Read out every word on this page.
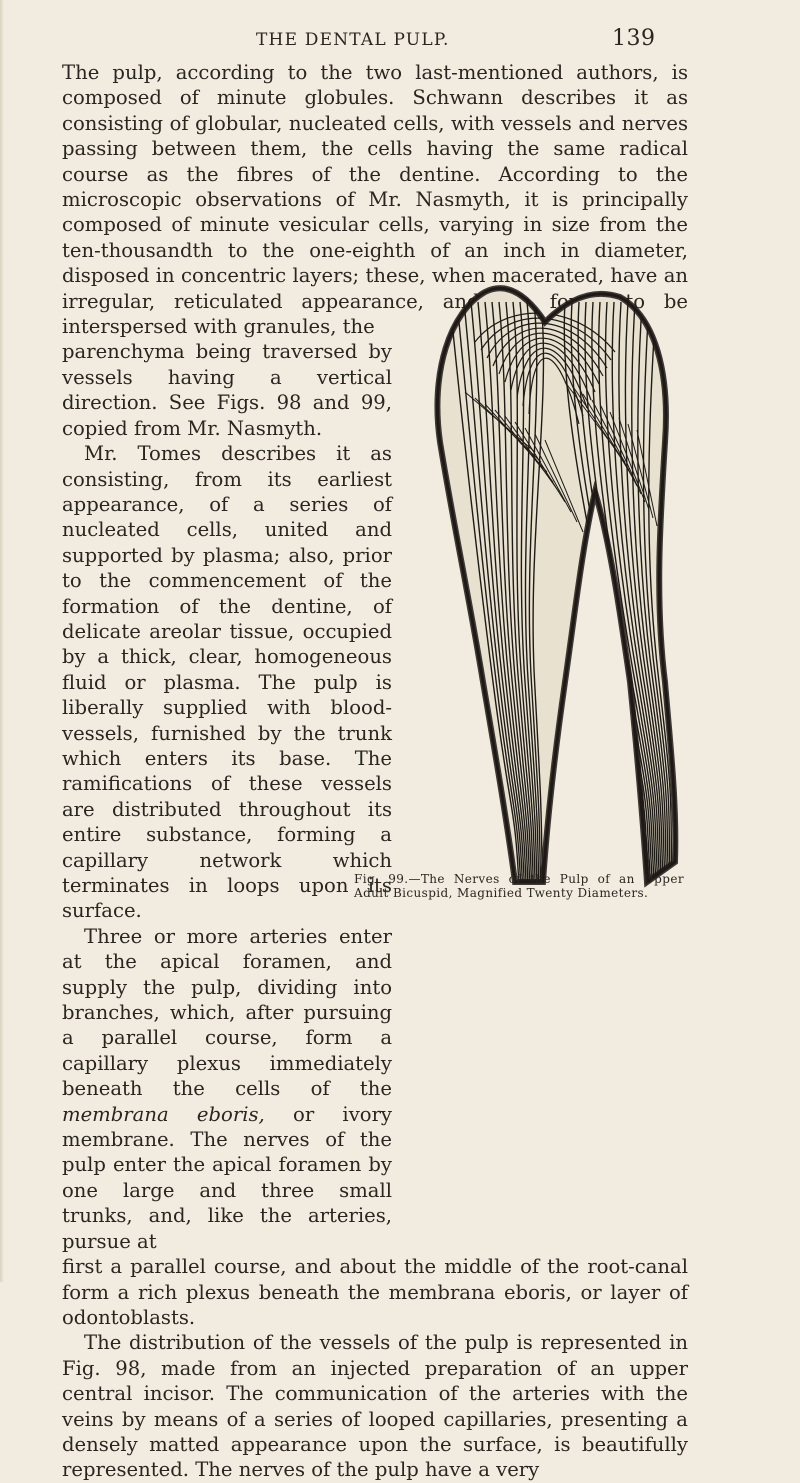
THE DENTAL PULP.	139

The pulp, according to the two last-mentioned authors, is composed of minute globules. Schwann describes it as consisting of globular, nucleated cells, with vessels and nerves passing between them, the cells having the same radical course as the fibres of the dentine. According to the microscopic observations of Mr. Nasmyth, it is principally composed of minute vesicular cells, varying in size from the ten-thousandth to the one-eighth of an inch in diameter, disposed in concentric layers; these, when macerated, have an irregular, reticulated appearance, and are found to be interspersed with granules, the

parenchyma being traversed by vessels having a vertical direction. See Figs. 98 and 99, copied from Mr. Nasmyth.

Mr. Tomes describes it as consisting, from its earliest appearance, of a series of nucleated cells, united and supported by plasma; also, prior to the commencement of the formation of the dentine, of delicate areolar tissue, occupied by a thick, clear, homogeneous fluid or plasma. The pulp is liberally supplied with blood-vessels, furnished by the trunk which enters its base. The ramifications of these vessels are distributed throughout its entire substance, forming a capillary network which terminates in loops upon its surface.

Three or more arteries enter at the apical foramen, and supply the pulp, dividing into branches, which, after pursuing a parallel course, form a capillary plexus immediately beneath the cells of the membrana eboris, or ivory membrane. The nerves of the pulp enter the apical foramen by one large and three small trunks, and, like the arteries, pursue at

first a parallel course, and about the middle of the root-canal form a rich plexus beneath the membrana eboris, or layer of odontoblasts.

The distribution of the vessels of the pulp is represented in Fig. 98, made from an injected preparation of an upper central incisor. The communication of the arteries with the veins by means of a series of looped capillaries, presenting a densely matted appearance upon the surface, is beautifully represented. The nerves of the pulp have a very

Fig. 99.—The Nerves of the Pulp of an Upper Adult Bicuspid, Magnified Twenty Diameters.
